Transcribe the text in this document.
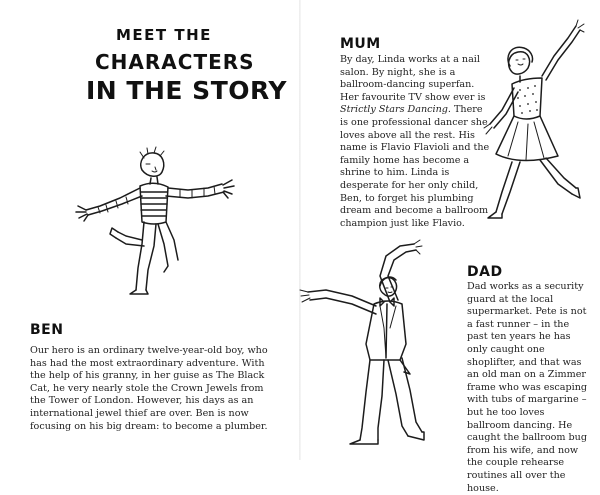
MEET THE
CHARACTERS
IN THE STORY
BEN

Our hero is an ordinary twelve-year-old boy, who has had the most extraordinary adventure. With the help of his granny, in her guise as The Black Cat, he very nearly stole the Crown Jewels from the Tower of London. However, his days as an international jewel thief are over. Ben is now focusing on his big dream: to become a plumber.

MUM

By day, Linda works at a nail salon. By night, she is a ballroom-dancing superfan. Her favourite TV show ever is Strictly Stars Dancing. There is one professional dancer she loves above all the rest. His name is Flavio Flavioli and the family home has become a shrine to him. Linda is desperate for her only child, Ben, to forget his plumbing dream and become a ballroom champion just like Flavio.

DAD

Dad works as a security guard at the local supermarket. Pete is not a fast runner – in the past ten years he has only caught one shoplifter, and that was an old man on a Zimmer frame who was escaping with tubs of margarine – but he too loves ballroom dancing. He caught the ballroom bug from his wife, and now the couple rehearse routines all over the house.
